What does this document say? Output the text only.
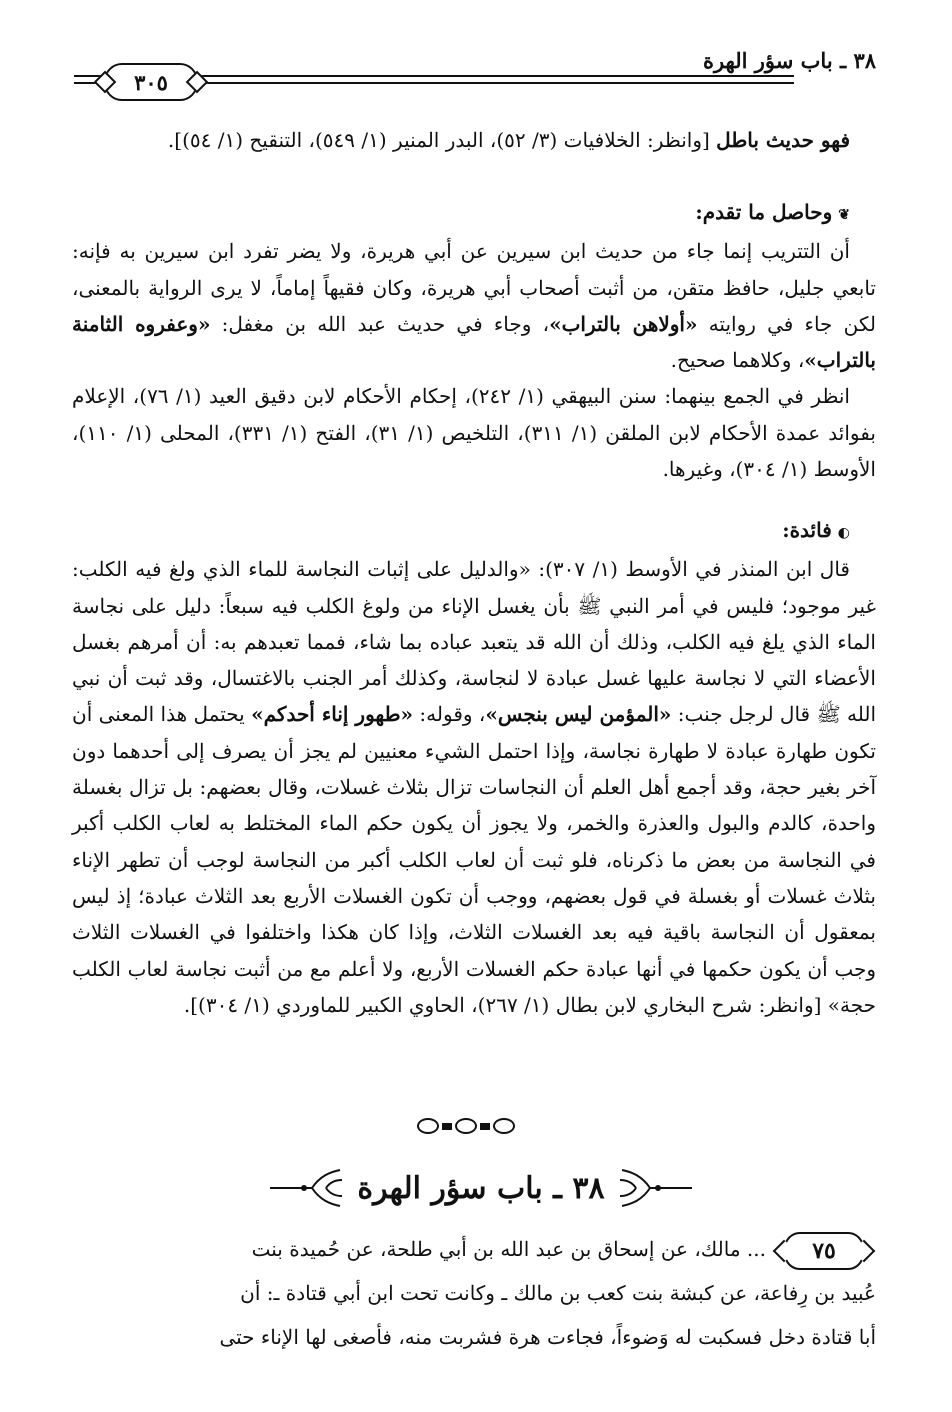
٣٨ ـ باب سؤر الهرة
٣٠٥

فهو حديث باطل [وانظر: الخلافيات (٣/ ٥٢)، البدر المنير (١/ ٥٤٩)، التنقيح (١/ ٥٤)].

❦وحاصل ما تقدم:

أن التتريب إنما جاء من حديث ابن سيرين عن أبي هريرة، ولا يضر تفرد ابن سيرين به فإنه: تابعي جليل، حافظ متقن، من أثبت أصحاب أبي هريرة، وكان فقيهاً إماماً، لا يرى الرواية بالمعنى، لكن جاء في روايته «أولاهن بالتراب»، وجاء في حديث عبد الله بن مغفل: «وعفروه الثامنة بالتراب»، وكلاهما صحيح.

انظر في الجمع بينهما: سنن البيهقي (١/ ٢٤٢)، إحكام الأحكام لابن دقيق العيد (١/ ٧٦)، الإعلام بفوائد عمدة الأحكام لابن الملقن (١/ ٣١١)، التلخيص (١/ ٣١)، الفتح (١/ ٣٣١)، المحلى (١/ ١١٠)، الأوسط (١/ ٣٠٤)، وغيرها.

◐فائدة:

قال ابن المنذر في الأوسط (١/ ٣٠٧): «والدليل على إثبات النجاسة للماء الذي ولغ فيه الكلب: غير موجود؛ فليس في أمر النبي ﷺ بأن يغسل الإناء من ولوغ الكلب فيه سبعاً: دليل على نجاسة الماء الذي يلغ فيه الكلب، وذلك أن الله قد يتعبد عباده بما شاء، فمما تعبدهم به: أن أمرهم بغسل الأعضاء التي لا نجاسة عليها غسل عبادة لا لنجاسة، وكذلك أمر الجنب بالاغتسال، وقد ثبت أن نبي الله ﷺ قال لرجل جنب: «المؤمن ليس بنجس»، وقوله: «طهور إناء أحدكم» يحتمل هذا المعنى أن تكون طهارة عبادة لا طهارة نجاسة، وإذا احتمل الشيء معنيين لم يجز أن يصرف إلى أحدهما دون آخر بغير حجة، وقد أجمع أهل العلم أن النجاسات تزال بثلاث غسلات، وقال بعضهم: بل تزال بغسلة واحدة، كالدم والبول والعذرة والخمر، ولا يجوز أن يكون حكم الماء المختلط به لعاب الكلب أكبر في النجاسة من بعض ما ذكرناه، فلو ثبت أن لعاب الكلب أكبر من النجاسة لوجب أن تطهر الإناء بثلاث غسلات أو بغسلة في قول بعضهم، ووجب أن تكون الغسلات الأربع بعد الثلاث عبادة؛ إذ ليس بمعقول أن النجاسة باقية فيه بعد الغسلات الثلاث، وإذا كان هكذا واختلفوا في الغسلات الثلاث وجب أن يكون حكمها في أنها عبادة حكم الغسلات الأربع، ولا أعلم مع من أثبت نجاسة لعاب الكلب حجة» [وانظر: شرح البخاري لابن بطال (١/ ٢٦٧)، الحاوي الكبير للماوردي (١/ ٣٠٤)].

٣٨ ـ باب سؤر الهرة
٧٥
... مالك، عن إسحاق بن عبد الله بن أبي طلحة، عن حُميدة بنت
عُبيد بن رِفاعة، عن كبشة بنت كعب بن مالك ـ وكانت تحت ابن أبي قتادة ـ: أن
أبا قتادة دخل فسكبت له وَضوءاً، فجاءت هرة فشربت منه، فأصغى لها الإناء حتى
